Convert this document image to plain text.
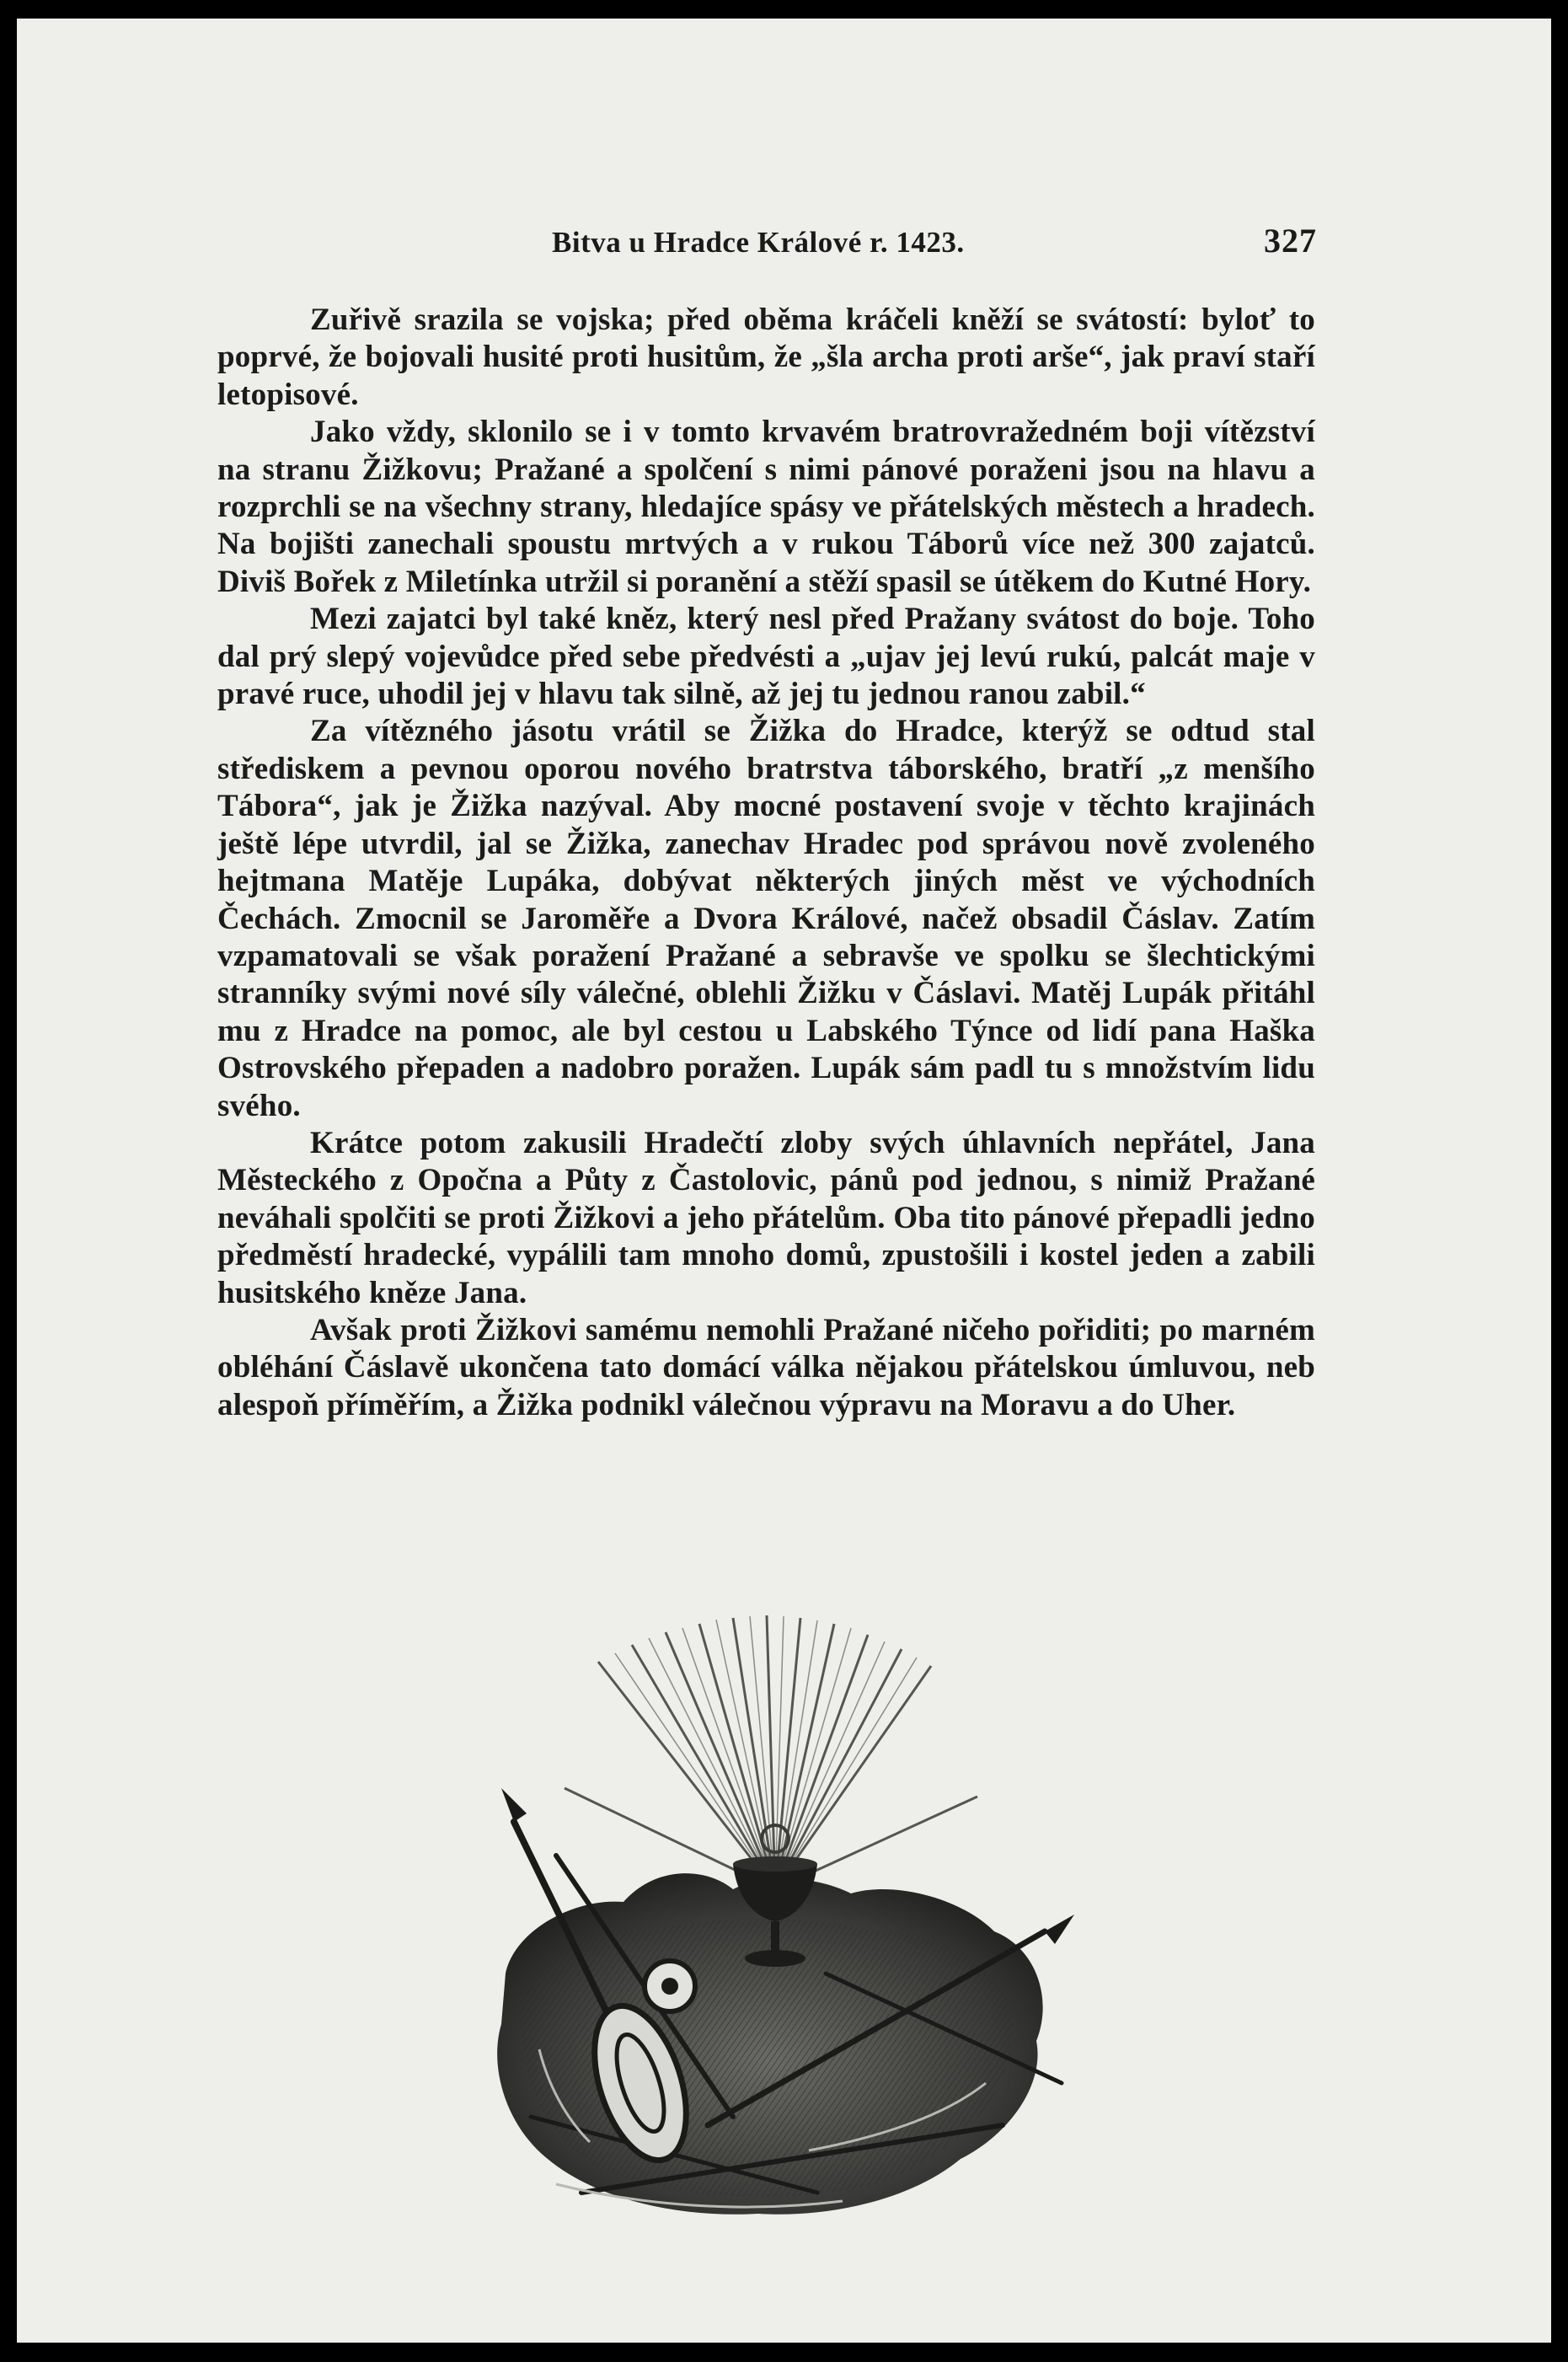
Bitva u Hradce Králové r. 1423.	327

Zuřivě srazila se vojska; před oběma kráčeli kněží se svátostí: byloť to poprvé, že bojovali husité proti husitům, že „šla archa proti arše“, jak praví staří letopisové.

Jako vždy, sklonilo se i v tomto krvavém bratrovražedném boji vítězství na stranu Žižkovu; Pražané a spolčení s nimi pánové poraženi jsou na hlavu a rozprchli se na všechny strany, hledajíce spásy ve přátelských městech a hradech. Na bojišti zanechali spoustu mrtvých a v rukou Táborů více než 300 zajatců. Diviš Bořek z Miletínka utržil si poranění a stěží spasil se útěkem do Kutné Hory.

Mezi zajatci byl také kněz, který nesl před Pražany svátost do boje. Toho dal prý slepý vojevůdce před sebe předvésti a „ujav jej levú rukú, palcát maje v pravé ruce, uhodil jej v hlavu tak silně, až jej tu jednou ranou zabil.“

Za vítězného jásotu vrátil se Žižka do Hradce, kterýž se odtud stal střediskem a pevnou oporou nového bratrstva táborského, bratří „z menšího Tábora“, jak je Žižka nazýval. Aby mocné postavení svoje v těchto krajinách ještě lépe utvrdil, jal se Žižka, zanechav Hradec pod správou nově zvoleného hejtmana Matěje Lupáka, dobývat některých jiných měst ve východních Čechách. Zmocnil se Jaroměře a Dvora Králové, načež obsadil Čáslav. Zatím vzpamatovali se však poražení Pražané a sebravše ve spolku se šlechtickými stranníky svými nové síly válečné, oblehli Žižku v Čáslavi. Matěj Lupák přitáhl mu z Hradce na pomoc, ale byl cestou u Labského Týnce od lidí pana Haška Ostrovského přepaden a nadobro poražen. Lupák sám padl tu s množstvím lidu svého.

Krátce potom zakusili Hradečtí zloby svých úhlavních nepřátel, Jana Městeckého z Opočna a Půty z Častolovic, pánů pod jednou, s nimiž Pražané neváhali spolčiti se proti Žižkovi a jeho přátelům. Oba tito pánové přepadli jedno předměstí hradecké, vypálili tam mnoho domů, zpustošili i kostel jeden a zabili husitského kněze Jana.

Avšak proti Žižkovi samému nemohli Pražané ničeho pořiditi; po marném obléhání Čáslavě ukončena tato domácí válka nějakou přátelskou úmluvou, neb alespoň příměřím, a Žižka podnikl válečnou výpravu na Moravu a do Uher.
